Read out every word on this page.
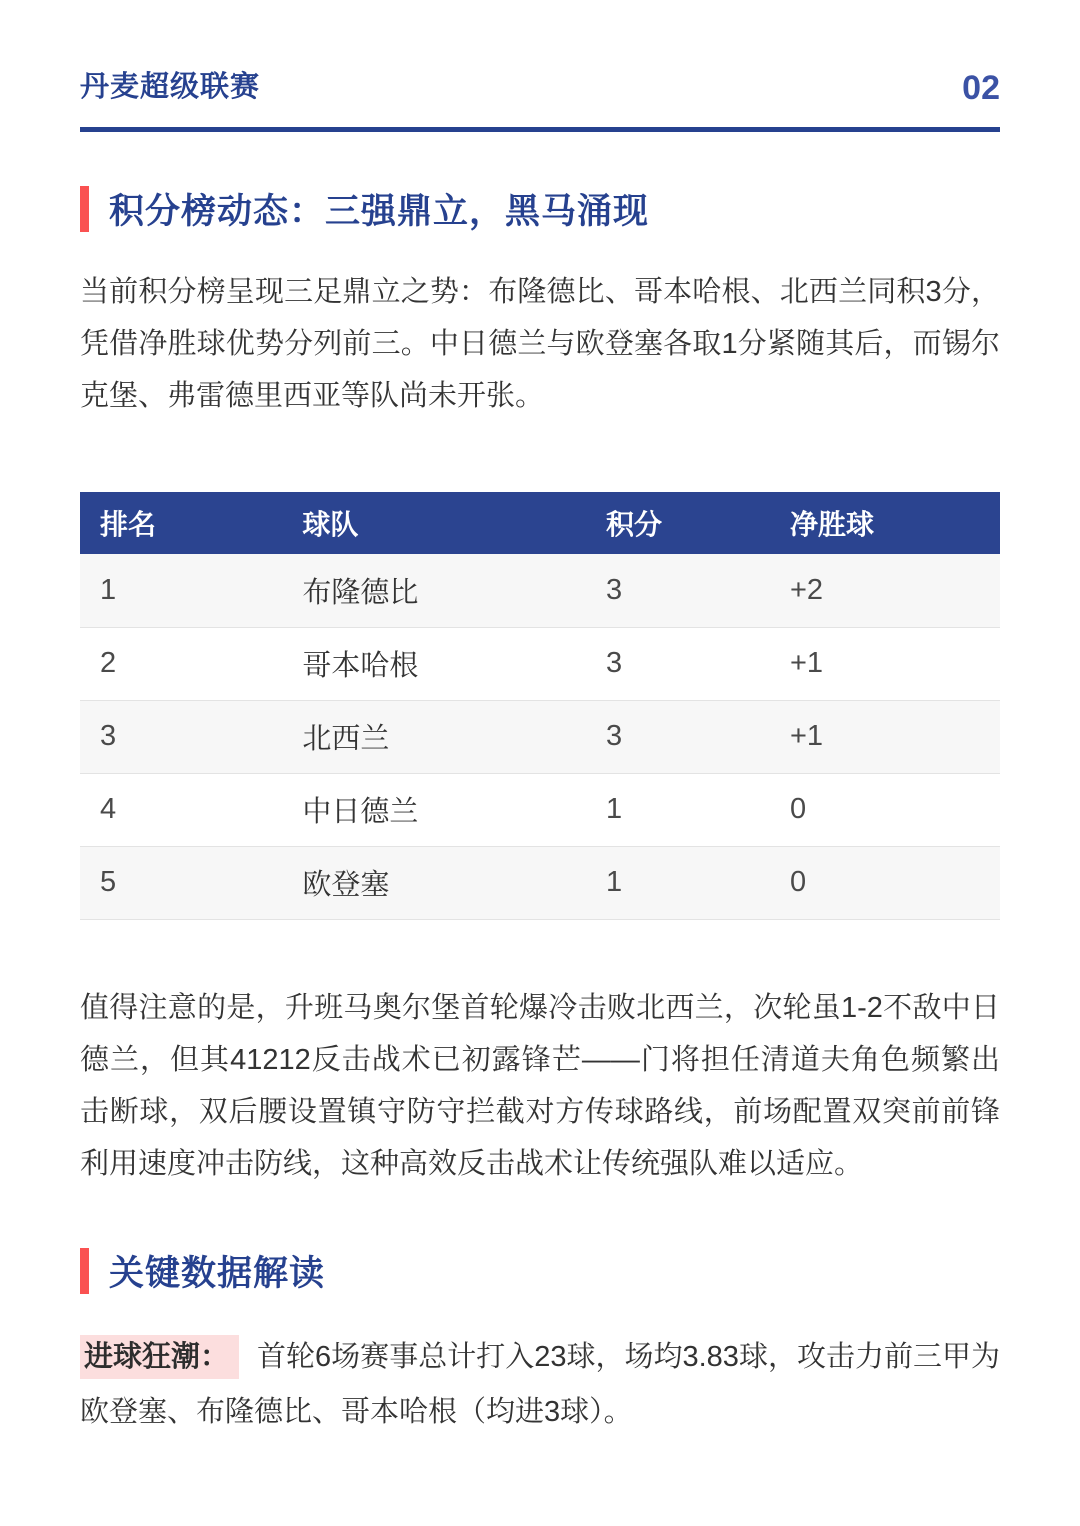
丹麦超级联赛	02
积分榜动态：三强鼎立，黑马涌现

当前积分榜呈现三足鼎立之势：布隆德比、哥本哈根、北西兰同积3分，凭借净胜球优势分列前三。中日德兰与欧登塞各取1分紧随其后，而锡尔克堡、弗雷德里西亚等队尚未开张。

排名	球队	积分	净胜球
1	布隆德比	3	+2
2	哥本哈根	3	+1
3	北西兰	3	+1
4	中日德兰	1	0
5	欧登塞	1	0

值得注意的是，升班马奥尔堡首轮爆冷击败北西兰，次轮虽1-2不敌中日德兰，但其41212反击战术已初露锋芒——门将担任清道夫角色频繁出击断球，双后腰设置镇守防守拦截对方传球路线，前场配置双突前前锋利用速度冲击防线，这种高效反击战术让传统强队难以适应。

关键数据解读

进球狂潮： 首轮6场赛事总计打入23球，场均3.83球，攻击力前三甲为欧登塞、布隆德比、哥本哈根（均进3球）。
